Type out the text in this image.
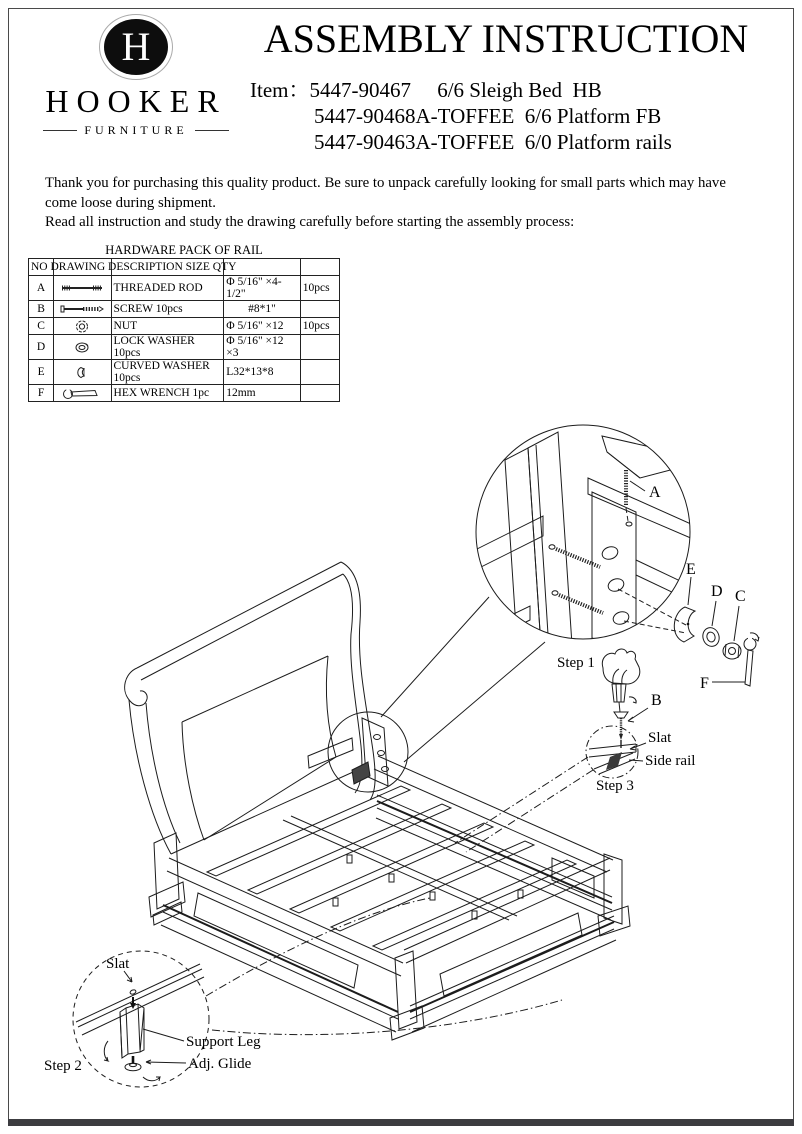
H
HOOKER
FURNITURE
ASSEMBLY INSTRUCTION
Item：5447-90467     6/6 Sleigh Bed  HB
5447-90468A-TOFFEE  6/6 Platform FB
5447-90463A-TOFFEE  6/0 Platform rails
Thank you for purchasing this quality product. Be sure to unpack carefully looking for small parts which may have
come loose during shipment.
Read all instruction and study the drawing carefully before starting the assembly process:
HARDWARE PACK OF RAIL
NO DRAWING DESCRIPTION SIZE QTY				
A		THREADED ROD	Φ 5/16" ×4-1/2"	10pcs
B		SCREW 10pcs	#8*1"	
C		NUT	Φ 5/16" ×12	10pcs
D		LOCK WASHER 10pcs	Φ 5/16" ×12 ×3	
E		CURVED WASHER 10pcs	L32*13*8	
F		HEX WRENCH 1pc	12mm	
A
Step 1
E
D C
F
B
Slat
Side rail
Step 3
Slat
Support Leg
Adj. Glide
Step 2
